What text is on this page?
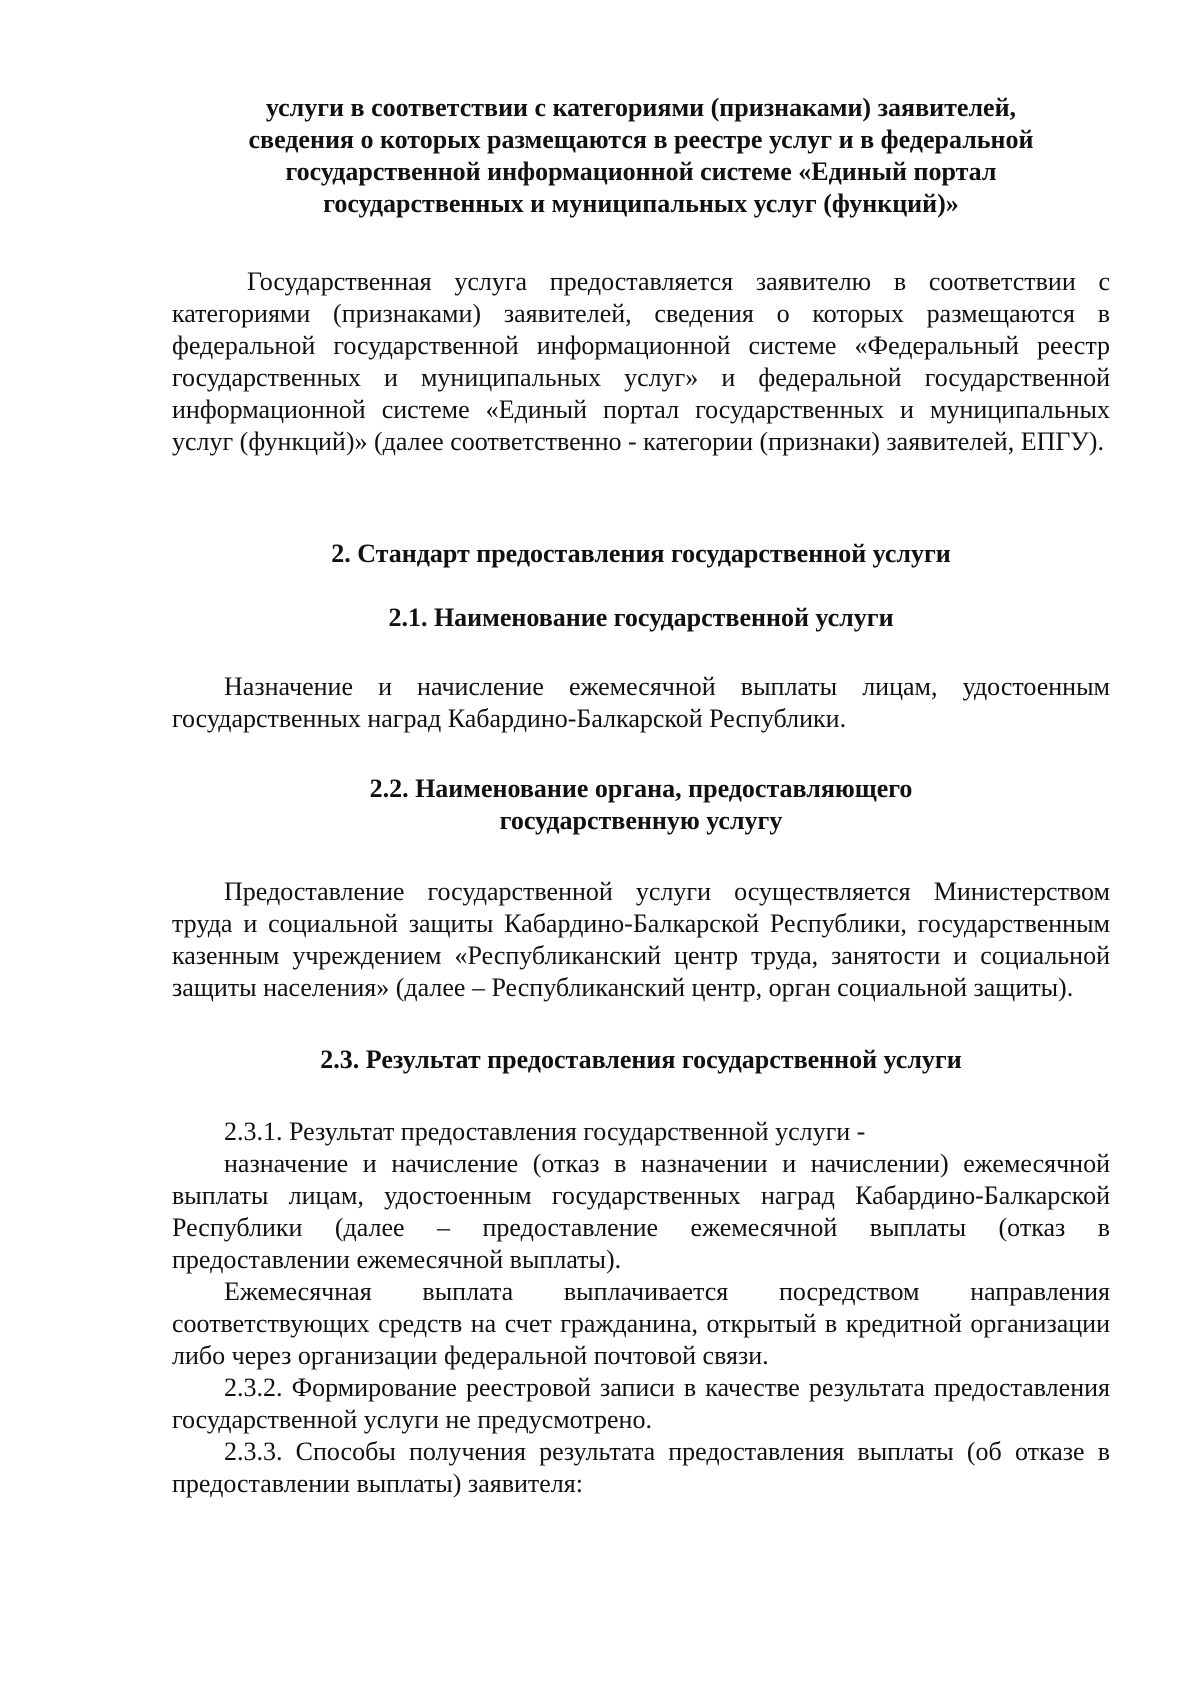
услуги в соответствии с категориями (признаками) заявителей,
сведения о которых размещаются в реестре услуг и в федеральной
государственной информационной системе «Единый портал
государственных и муниципальных услуг (функций)»

Государственная услуга предоставляется заявителю в соответствии с категориями (признаками) заявителей, сведения о которых размещаются в федеральной государственной информационной системе «Федеральный реестр государственных и муниципальных услуг» и федеральной государственной информационной системе «Единый портал государственных и муниципальных услуг (функций)» (далее соответственно - категории (признаки) заявителей, ЕПГУ).

2. Стандарт предоставления государственной услуги

2.1. Наименование государственной услуги

Назначение и начисление ежемесячной выплаты лицам, удостоенным государственных наград Кабардино-Балкарской Республики.

2.2. Наименование органа, предоставляющего
государственную услугу

Предоставление государственной услуги осуществляется Министерством труда и социальной защиты Кабардино-Балкарской Республики, государственным казенным учреждением «Республиканский центр труда, занятости и социальной защиты населения» (далее – Республиканский центр, орган социальной защиты).

2.3. Результат предоставления государственной услуги

2.3.1. Результат предоставления государственной услуги -

назначение и начисление (отказ в назначении и начислении) ежемесячной выплаты лицам, удостоенным государственных наград Кабардино-Балкарской Республики (далее – предоставление ежемесячной выплаты (отказ в предоставлении ежемесячной выплаты).

Ежемесячная выплата выплачивается посредством направления соответствующих средств на счет гражданина, открытый в кредитной организации либо через организации федеральной почтовой связи.

2.3.2. Формирование реестровой записи в качестве результата предоставления государственной услуги не предусмотрено.

2.3.3. Способы получения результата предоставления выплаты (об отказе в предоставлении выплаты) заявителя:
